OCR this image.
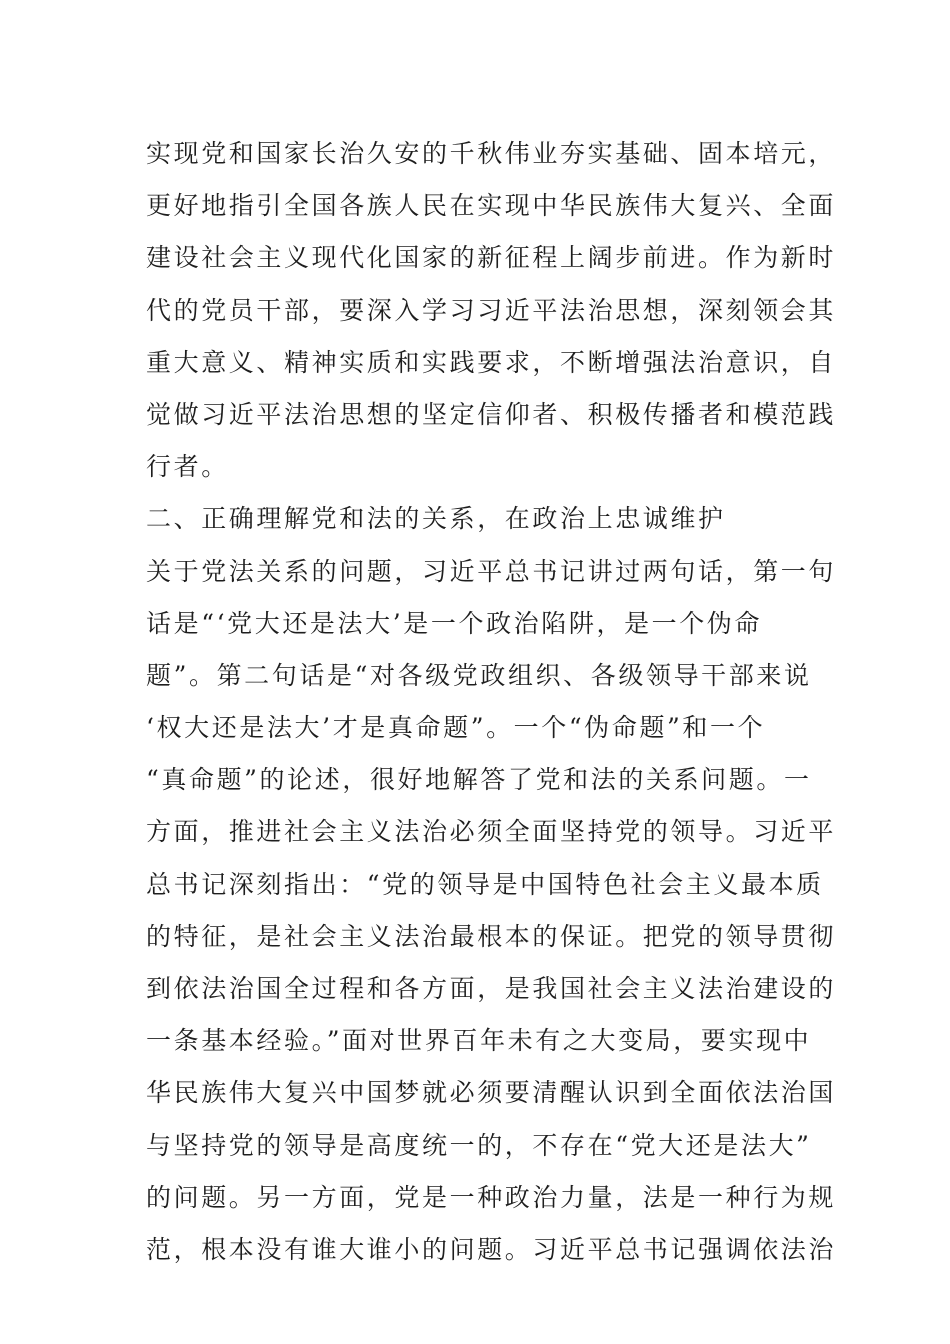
实现党和国家长治久安的千秋伟业夯实基础、固本培元，
更好地指引全国各族人民在实现中华民族伟大复兴、全面
建设社会主义现代化国家的新征程上阔步前进。作为新时
代的党员干部，要深入学习习近平法治思想，深刻领会其
重大意义、精神实质和实践要求，不断增强法治意识，自
觉做习近平法治思想的坚定信仰者、积极传播者和模范践
行者。
二、正确理解党和法的关系，在政治上忠诚维护
关于党法关系的问题，习近平总书记讲过两句话，第一句
话是“‘党大还是法大’是一个政治陷阱，是一个伪命
题”。第二句话是“对各级党政组织、各级领导干部来说
‘权大还是法大’才是真命题”。一个“伪命题”和一个
“真命题”的论述，很好地解答了党和法的关系问题。一
方面，推进社会主义法治必须全面坚持党的领导。习近平
总书记深刻指出：“党的领导是中国特色社会主义最本质
的特征，是社会主义法治最根本的保证。把党的领导贯彻
到依法治国全过程和各方面，是我国社会主义法治建设的
一条基本经验。”面对世界百年未有之大变局，要实现中
华民族伟大复兴中国梦就必须要清醒认识到全面依法治国
与坚持党的领导是高度统一的，不存在“党大还是法大”
的问题。另一方面，党是一种政治力量，法是一种行为规
范，根本没有谁大谁小的问题。习近平总书记强调依法治
